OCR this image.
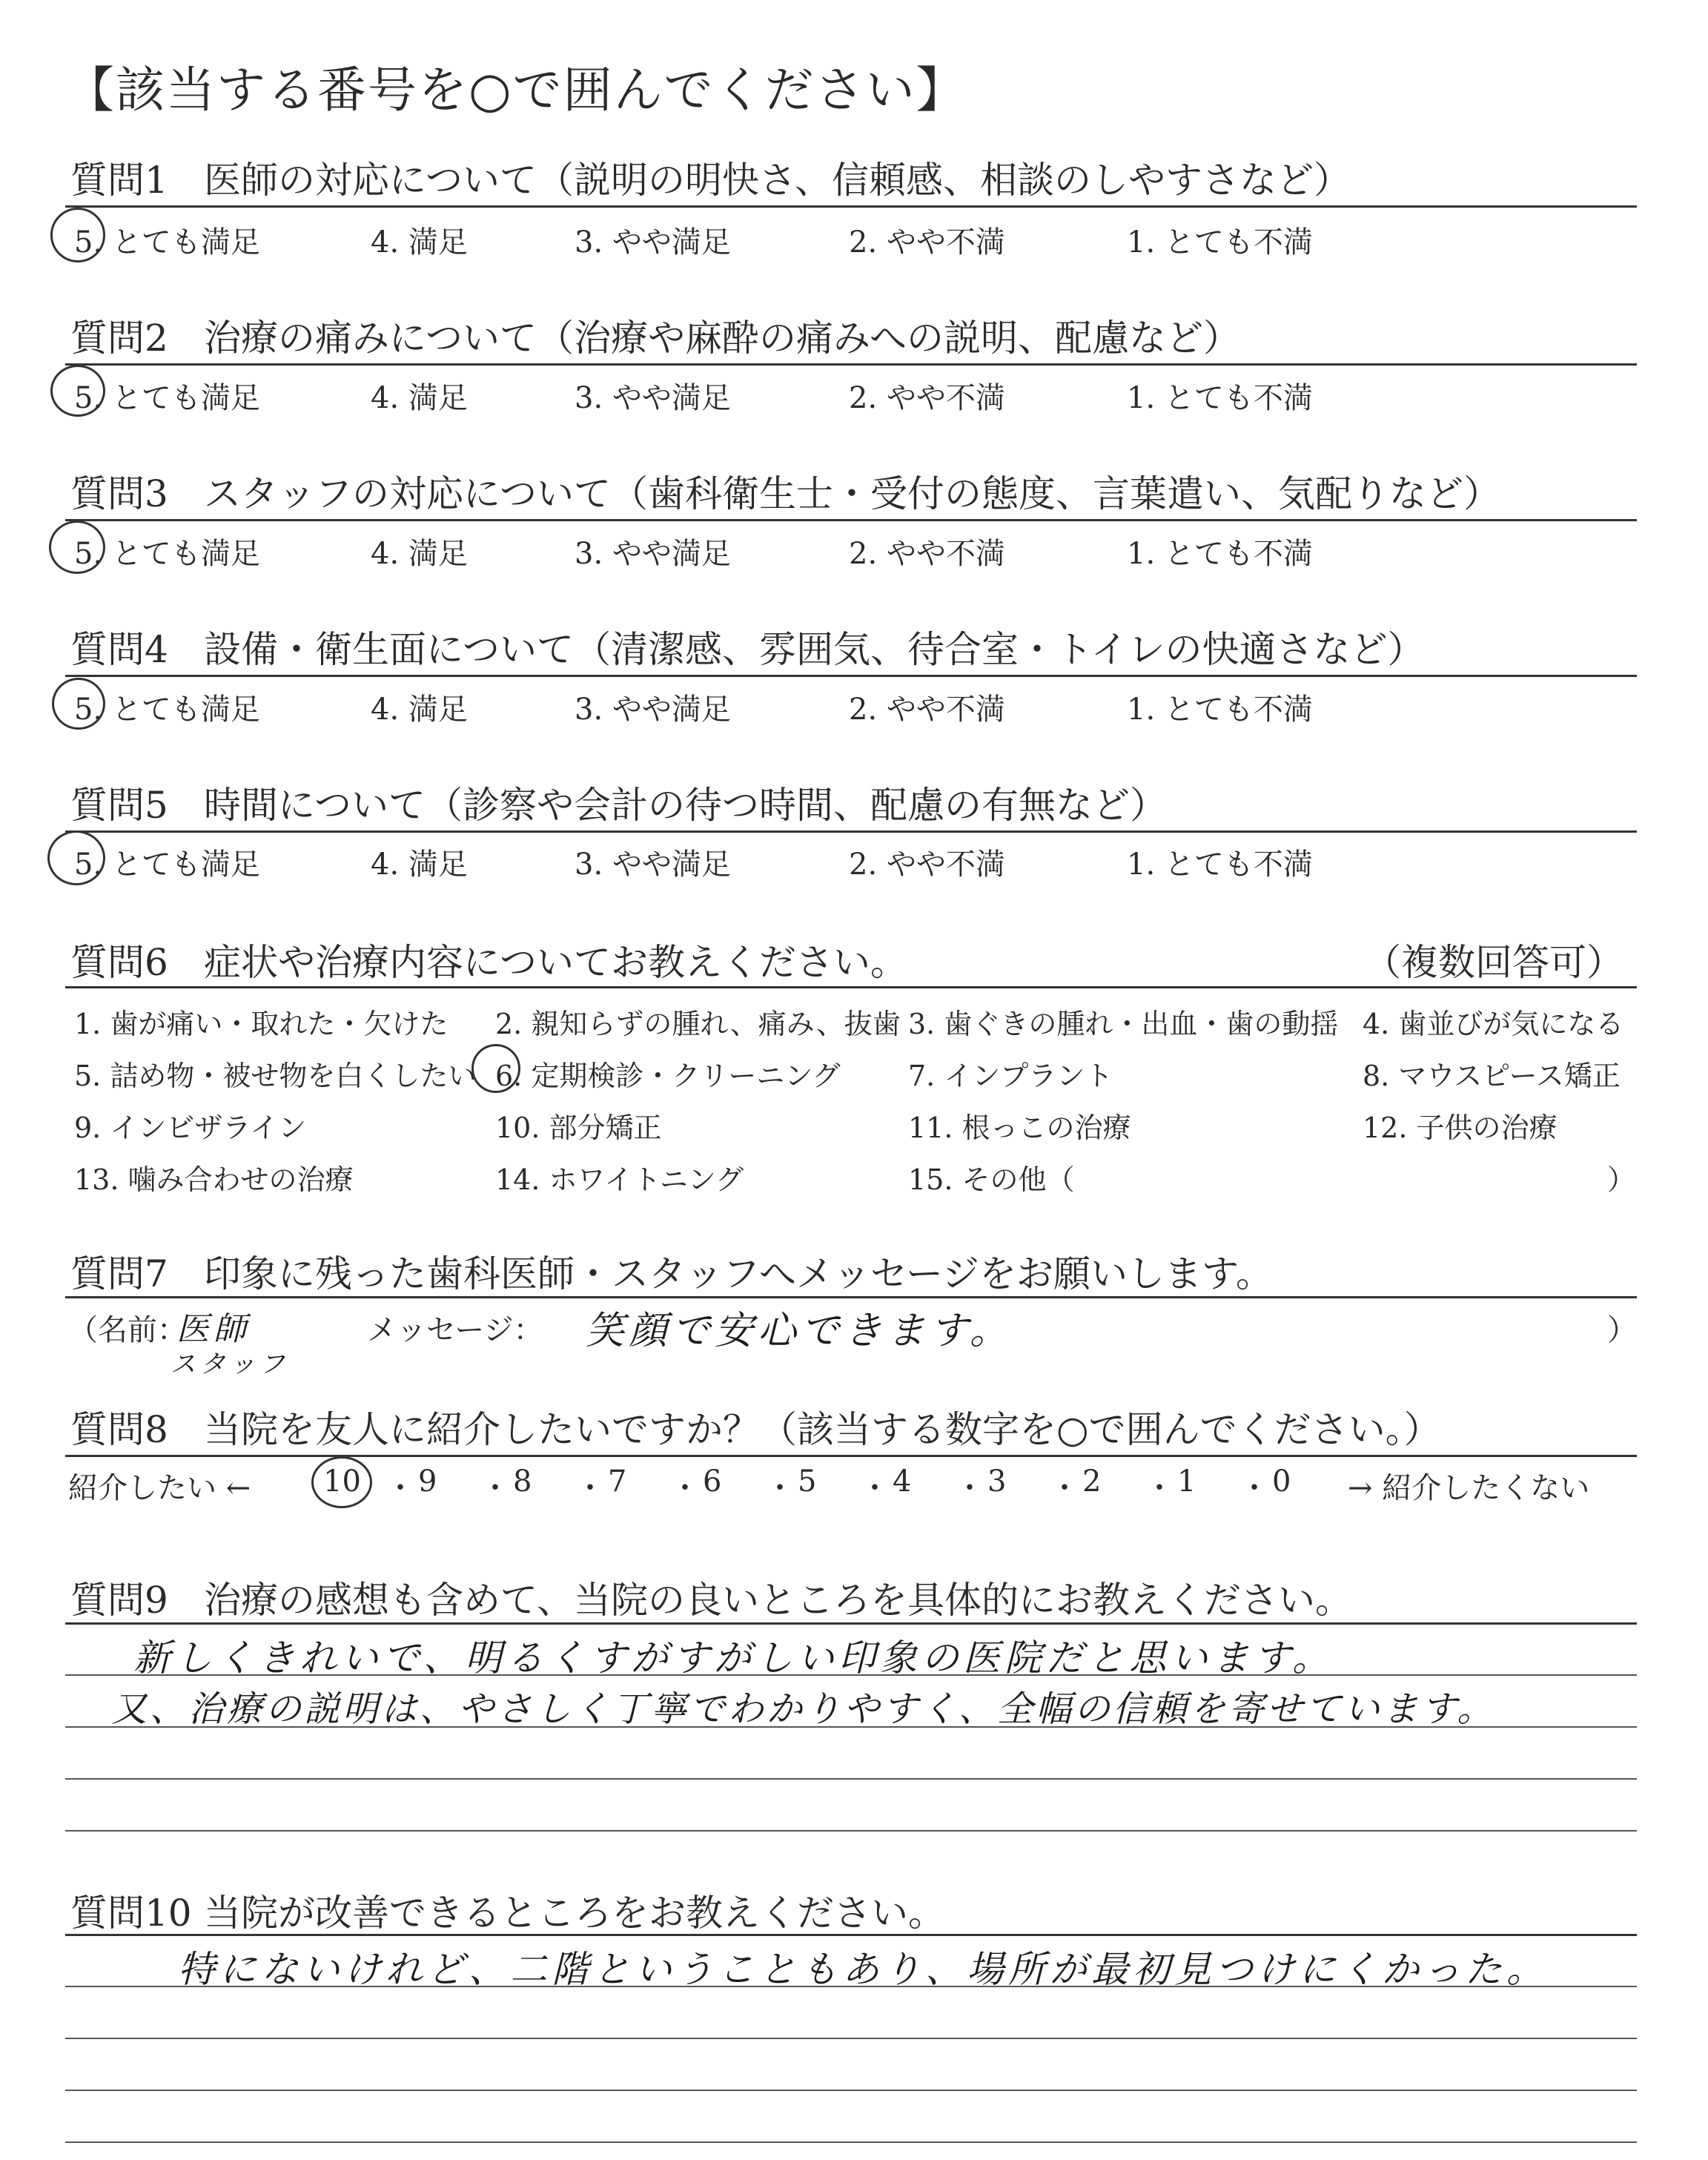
【該当する番号を○で囲んでください】
質問1 医師の対応について（説明の明快さ、信頼感、相談のしやすさなど）
5. とても満足	4. 満足	3. やや満足	2. やや不満	1. とても不満
質問2 治療の痛みについて（治療や麻酔の痛みへの説明、配慮など）
5. とても満足	4. 満足	3. やや満足	2. やや不満	1. とても不満
質問3 スタッフの対応について（歯科衛生士・受付の態度、言葉遣い、気配りなど）
5. とても満足	4. 満足	3. やや満足	2. やや不満	1. とても不満
質問4 設備・衛生面について（清潔感、雰囲気、待合室・トイレの快適さなど）
5. とても満足	4. 満足	3. やや満足	2. やや不満	1. とても不満
質問5 時間について（診察や会計の待つ時間、配慮の有無など）
5. とても満足	4. 満足	3. やや満足	2. やや不満	1. とても不満
質問6 症状や治療内容についてお教えください。	（複数回答可）
1. 歯が痛い・取れた・欠けた 2. 親知らずの腫れ、痛み、抜歯 3. 歯ぐきの腫れ・出血・歯の動揺 4. 歯並びが気になる
5. 詰め物・被せ物を白くしたい 6. 定期検診・クリーニング 7. インプラント	8. マウスピース矯正
9. インビザライン	10. 部分矯正	11. 根っこの治療	12. 子供の治療
13. 噛み合わせの治療	14. ホワイトニング	15. その他（	）
質問7 印象に残った歯科医師・スタッフへメッセージをお願いします。
（名前：
医師
スタッフ
メッセージ： 笑顔で安心できます。	）
質問8 当院を友人に紹介したいですか？（該当する数字を○で囲んでください。）
紹介したい ← 10 ・ 9 ・ 8 ・ 7 ・ 6 ・ 5 ・ 4 ・ 3 ・ 2 ・ 1 ・ 0 → 紹介したくない
質問9 治療の感想も含めて、当院の良いところを具体的にお教えください。
新しくきれいで、明るくすがすがしい印象の医院だと思います。
又、治療の説明は、やさしく丁寧でわかりやすく、全幅の信頼を寄せています。
質問10 当院が改善できるところをお教えください。
特にないけれど、二階ということもあり、場所が最初見つけにくかった。
